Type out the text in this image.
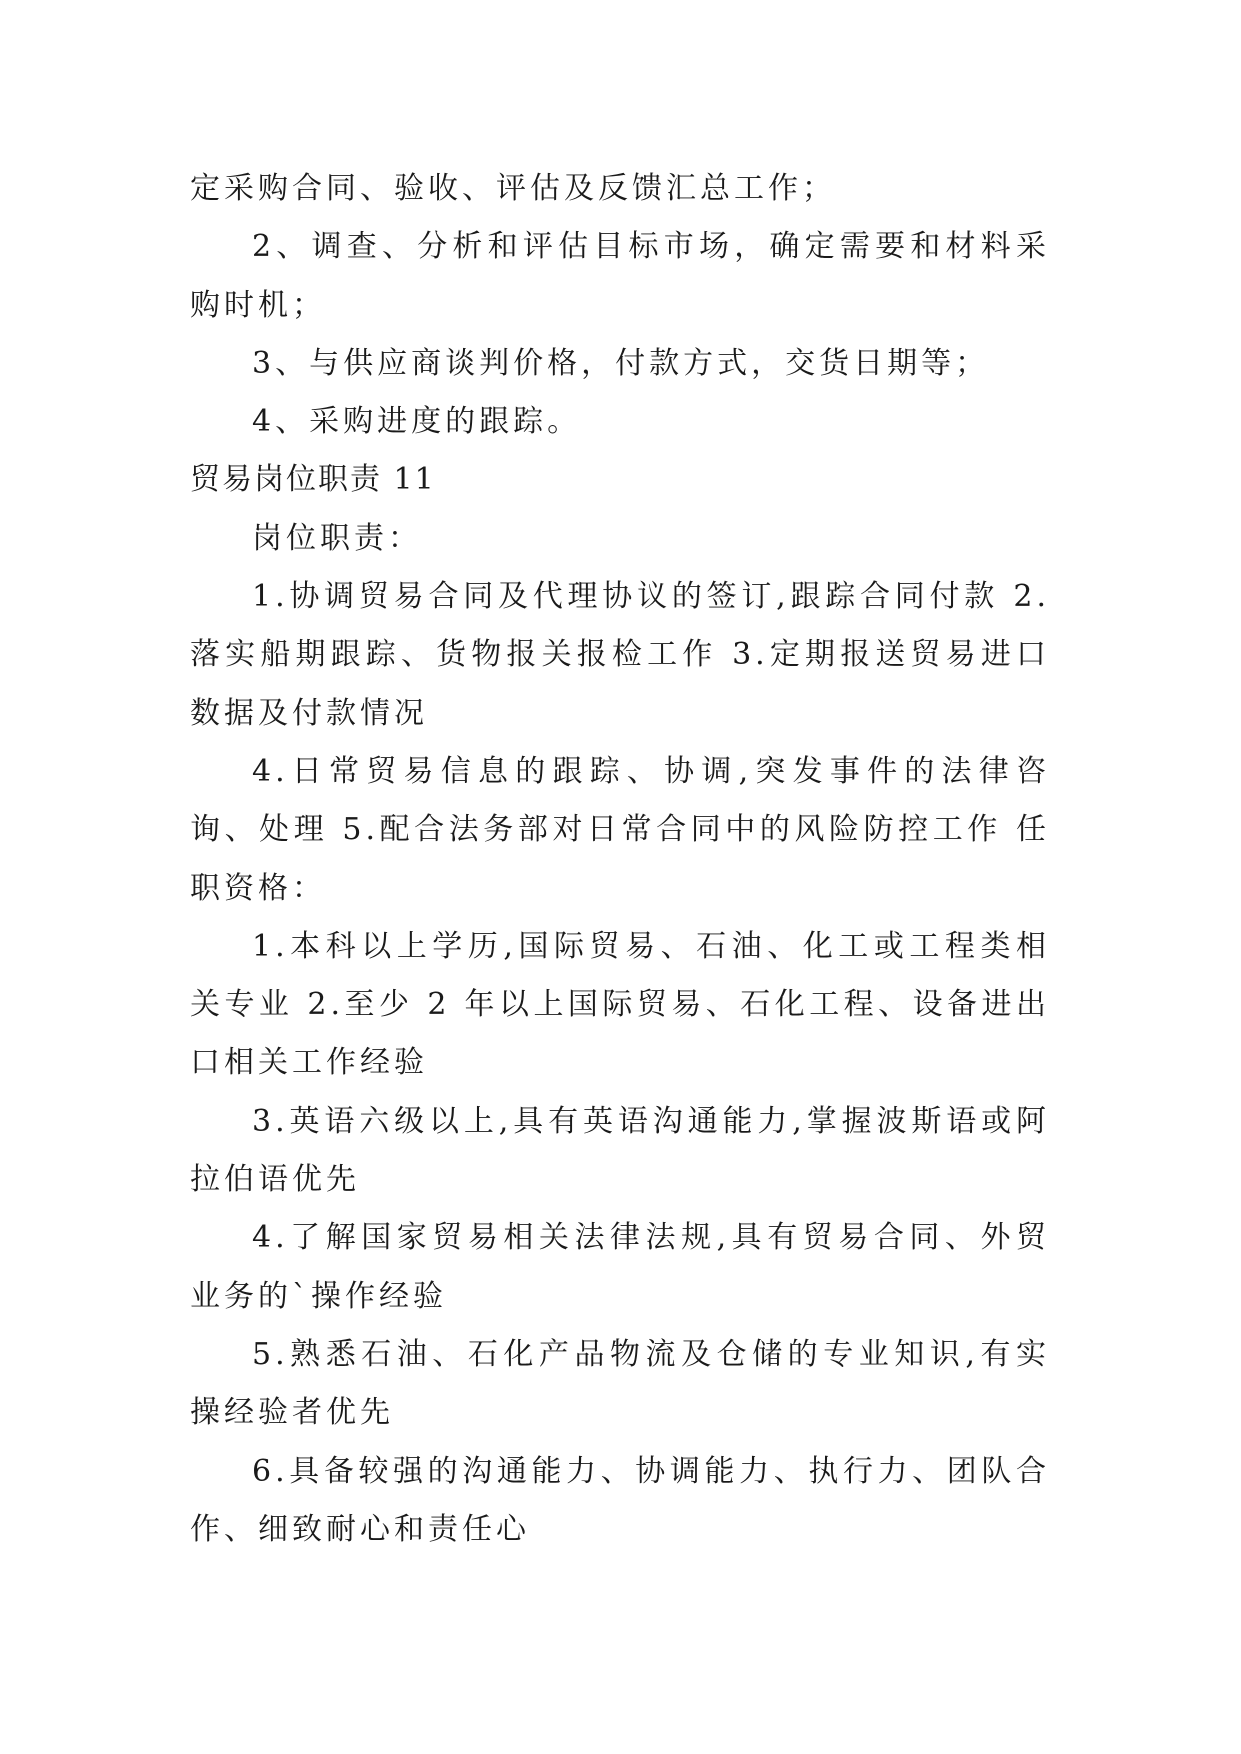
定采购合同、验收、评估及反馈汇总工作；

2、调查、分析和评估目标市场，确定需要和材料采购时机；

3、与供应商谈判价格，付款方式，交货日期等；

4、采购进度的跟踪。

贸易岗位职责 11

岗位职责：

1.协调贸易合同及代理协议的签订,跟踪合同付款 2.落实船期跟踪、货物报关报检工作 3.定期报送贸易进口数据及付款情况

4.日常贸易信息的跟踪、协调,突发事件的法律咨询、处理 5.配合法务部对日常合同中的风险防控工作 任职资格：

1.本科以上学历,国际贸易、石油、化工或工程类相关专业 2.至少 2 年以上国际贸易、石化工程、设备进出口相关工作经验

3.英语六级以上,具有英语沟通能力,掌握波斯语或阿拉伯语优先

4.了解国家贸易相关法律法规,具有贸易合同、外贸业务的`操作经验

5.熟悉石油、石化产品物流及仓储的专业知识,有实操经验者优先

6.具备较强的沟通能力、协调能力、执行力、团队合作、细致耐心和责任心
